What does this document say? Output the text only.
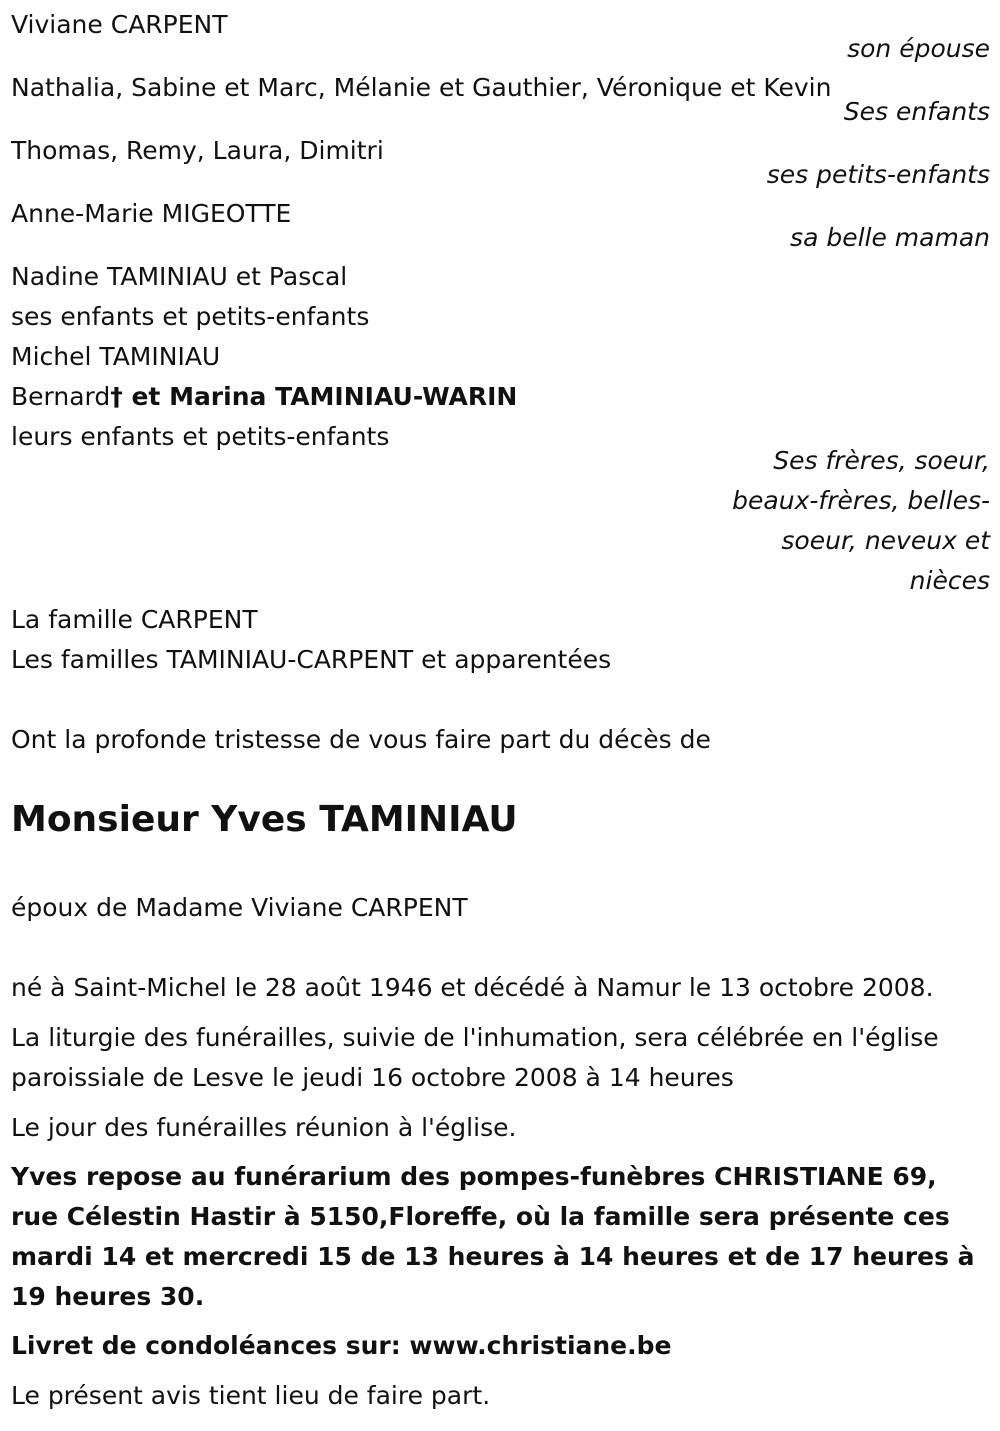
Viviane CARPENT
son épouse
Nathalia, Sabine et Marc, Mélanie et Gauthier, Véronique et Kevin
Ses enfants
Thomas, Remy, Laura, Dimitri
ses petits-enfants
Anne-Marie MIGEOTTE
sa belle maman
Nadine TAMINIAU et Pascal
ses enfants et petits-enfants
Michel TAMINIAU
Bernard† et Marina TAMINIAU-WARIN
leurs enfants et petits-enfants
Ses frères, soeur, beaux-frères, belles-soeur, neveux et nièces
La famille CARPENT
Les familles TAMINIAU-CARPENT et apparentées
Ont la profonde tristesse de vous faire part du décès de
Monsieur Yves TAMINIAU
époux de Madame Viviane CARPENT
né à Saint-Michel le 28 août 1946 et décédé à Namur le 13 octobre 2008.
La liturgie des funérailles, suivie de l'inhumation, sera célébrée en l'église paroissiale de Lesve le jeudi 16 octobre 2008 à 14 heures
Le jour des funérailles réunion à l'église.
Yves repose au funérarium des pompes-funèbres CHRISTIANE 69, rue Célestin Hastir à 5150,Floreffe, où la famille sera présente ces mardi 14 et mercredi 15 de 13 heures à 14 heures et de 17 heures à 19 heures 30.
Livret de condoléances sur: www.christiane.be
Le présent avis tient lieu de faire part.
